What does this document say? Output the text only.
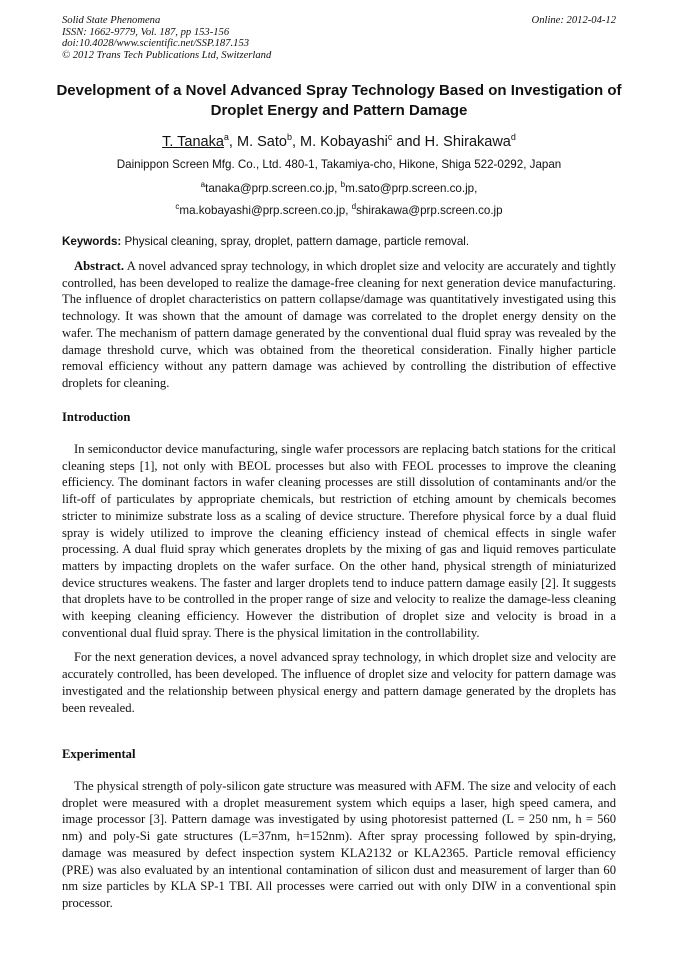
Solid State Phenomena
ISSN: 1662-9779, Vol. 187, pp 153-156
doi:10.4028/www.scientific.net/SSP.187.153
© 2012 Trans Tech Publications Ltd, Switzerland
Online: 2012-04-12
Development of a Novel Advanced Spray Technology Based on Investigation of Droplet Energy and Pattern Damage
T. Tanaka$^a$, M. Sato$^b$, M. Kobayashi$^c$ and H. Shirakawa$^d$
Dainippon Screen Mfg. Co., Ltd. 480-1, Takamiya-cho, Hikone, Shiga 522-0292, Japan
$^a$tanaka@prp.screen.co.jp, $^b$m.sato@prp.screen.co.jp,
$^c$ma.kobayashi@prp.screen.co.jp, $^d$shirakawa@prp.screen.co.jp
Keywords: Physical cleaning, spray, droplet, pattern damage, particle removal.

Abstract. A novel advanced spray technology, in which droplet size and velocity are accurately and tightly controlled, has been developed to realize the damage-free cleaning for next generation device manufacturing. The influence of droplet characteristics on pattern collapse/damage was quantitatively investigated using this technology. It was shown that the amount of damage was correlated to the droplet energy density on the wafer. The mechanism of pattern damage generated by the conventional dual fluid spray was revealed by the damage threshold curve, which was obtained from the theoretical consideration. Finally higher particle removal efficiency without any pattern damage was achieved by controlling the distribution of effective droplets for cleaning.

Introduction

In semiconductor device manufacturing, single wafer processors are replacing batch stations for the critical cleaning steps [1], not only with BEOL processes but also with FEOL processes to improve the cleaning efficiency. The dominant factors in wafer cleaning processes are still dissolution of contaminants and/or the lift-off of particulates by appropriate chemicals, but restriction of etching amount by chemicals becomes stricter to minimize substrate loss as a scaling of device structure. Therefore physical force by a dual fluid spray is widely utilized to improve the cleaning efficiency instead of chemical effects in single wafer processing. A dual fluid spray which generates droplets by the mixing of gas and liquid removes particulate matters by impacting droplets on the wafer surface. On the other hand, physical strength of miniaturized device structures weakens. The faster and larger droplets tend to induce pattern damage easily [2]. It suggests that droplets have to be controlled in the proper range of size and velocity to realize the damage-less cleaning with keeping cleaning efficiency. However the distribution of droplet size and velocity is broad in a conventional dual fluid spray. There is the physical limitation in the controllability.

For the next generation devices, a novel advanced spray technology, in which droplet size and velocity are accurately controlled, has been developed. The influence of droplet size and velocity for pattern damage was investigated and the relationship between physical energy and pattern damage generated by the droplets has been revealed.

Experimental

The physical strength of poly-silicon gate structure was measured with AFM. The size and velocity of each droplet were measured with a droplet measurement system which equips a laser, high speed camera, and image processor [3]. Pattern damage was investigated by using photoresist patterned (L = 250 nm, h = 560 nm) and poly-Si gate structures (L=37nm, h=152nm). After spray processing followed by spin-drying, damage was measured by defect inspection system KLA2132 or KLA2365. Particle removal efficiency (PRE) was also evaluated by an intentional contamination of silicon dust and measurement of larger than 60 nm size particles by KLA SP-1 TBI. All processes were carried out with only DIW in a conventional spin processor.
